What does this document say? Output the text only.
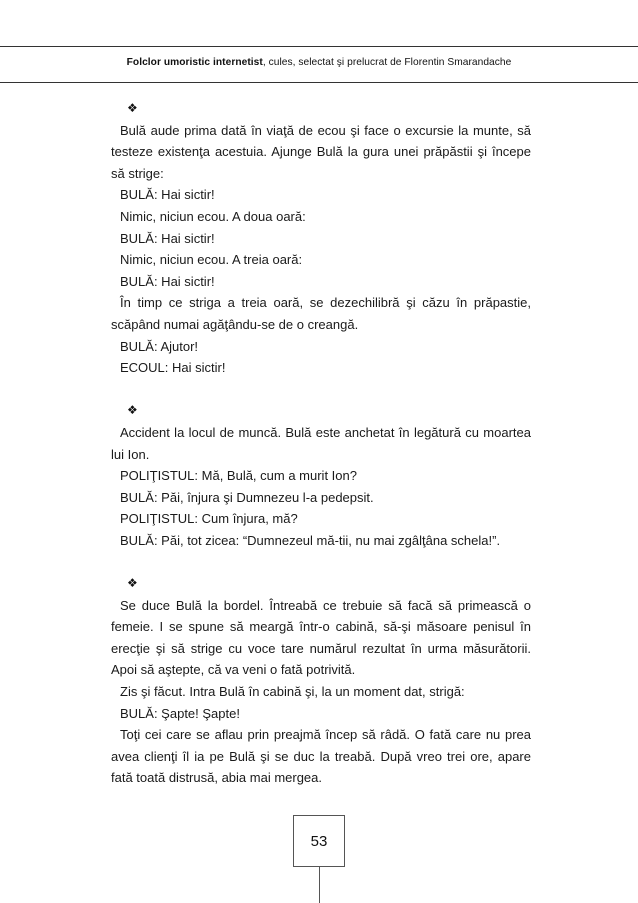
Folclor umoristic internetist, cules, selectat şi prelucrat de Florentin Smarandache
❖

Bulă aude prima dată în viaţă de ecou şi face o excursie la munte, să testeze existenţa acestuia. Ajunge Bulă la gura unei prăpăstii şi începe să strige:

BULĂ: Hai sictir!

Nimic, niciun ecou. A doua oară:

BULĂ: Hai sictir!

Nimic, niciun ecou. A treia oară:

BULĂ: Hai sictir!

În timp ce striga a treia oară, se dezechilibră şi căzu în prăpastie, scăpând numai agăţându-se de o creangă.

BULĂ: Ajutor!

ECOUL: Hai sictir!

❖

Accident la locul de muncă. Bulă este anchetat în legătură cu moartea lui Ion.

POLIŢISTUL: Mă, Bulă, cum a murit Ion?

BULĂ: Păi, înjura şi Dumnezeu l-a pedepsit.

POLIŢISTUL: Cum înjura, mă?

BULĂ: Păi, tot zicea: “Dumnezeul mă-tii, nu mai zgâlţâna schela!”.

❖

Se duce Bulă la bordel. Întreabă ce trebuie să facă să primească o femeie. I se spune să meargă într-o cabină, să-şi măsoare penisul în erecţie şi să strige cu voce tare numărul rezultat în urma măsurătorii. Apoi să aştepte, că va veni o fată potrivită.

Zis şi făcut. Intra Bulă în cabină şi, la un moment dat, strigă:

BULĂ: Şapte! Şapte!

Toţi cei care se aflau prin preajmă încep să râdă. O fată care nu prea avea clienţi îl ia pe Bulă şi se duc la treabă. După vreo trei ore, apare fată toată distrusă, abia mai mergea.

53
